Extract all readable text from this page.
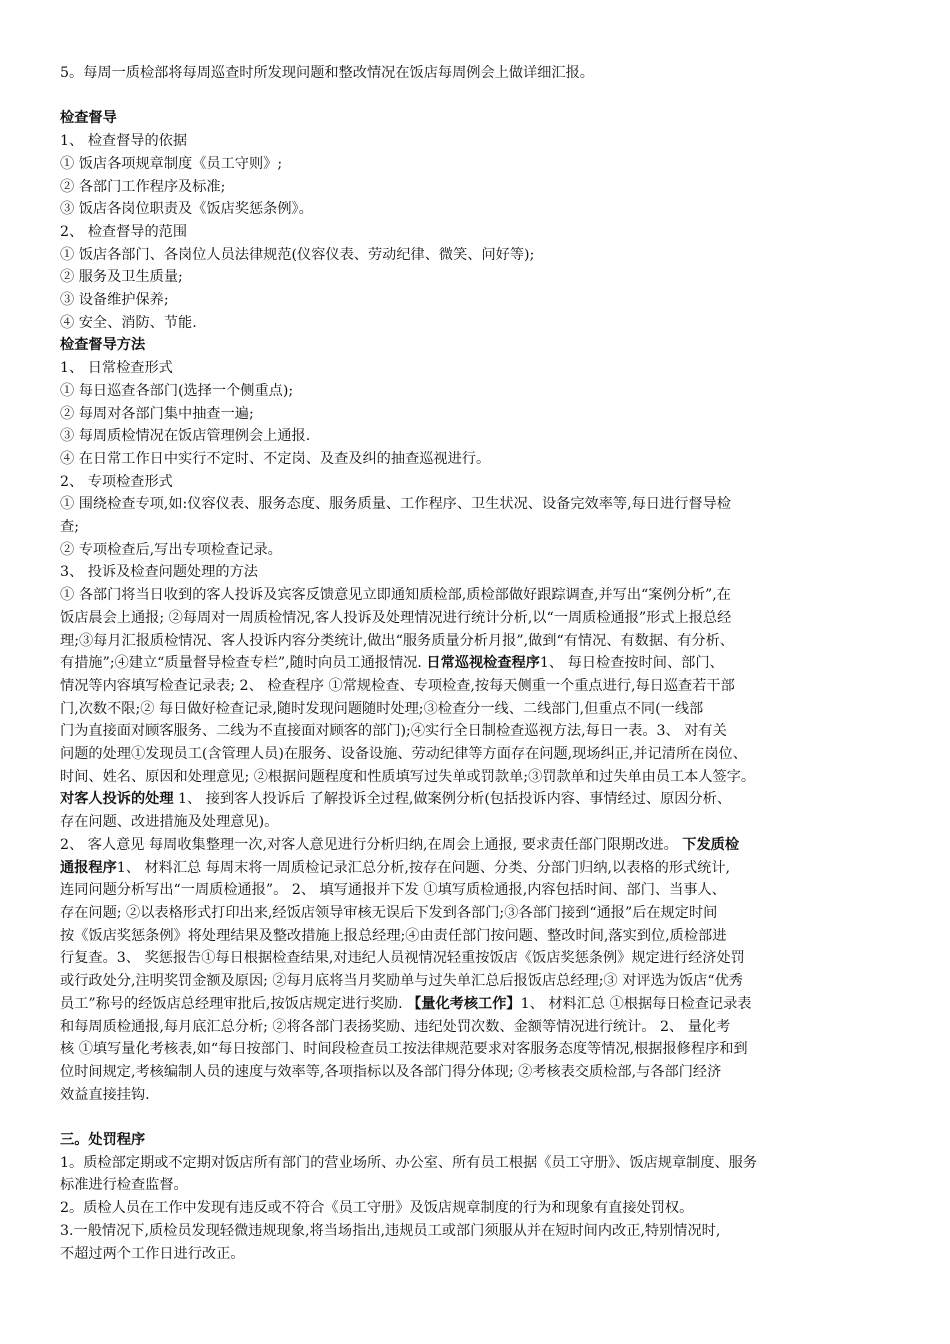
5。每周一质检部将每周巡查时所发现问题和整改情况在饭店每周例会上做详细汇报。
检查督导
1、 检查督导的依据
① 饭店各项规章制度《员工守则》;
② 各部门工作程序及标准;
③ 饭店各岗位职责及《饭店奖惩条例》。
2、 检查督导的范围
① 饭店各部门、各岗位人员法律规范(仪容仪表、劳动纪律、微笑、问好等);
② 服务及卫生质量;
③ 设备维护保养;
④ 安全、消防、节能.
检查督导方法
1、 日常检查形式
① 每日巡查各部门(选择一个侧重点);
② 每周对各部门集中抽查一遍;
③ 每周质检情况在饭店管理例会上通报.
④ 在日常工作日中实行不定时、不定岗、及查及纠的抽查巡视进行。
2、 专项检查形式
① 围绕检查专项,如:仪容仪表、服务态度、服务质量、工作程序、卫生状况、设备完效率等,每日进行督导检
查;
② 专项检查后,写出专项检查记录。
3、 投诉及检查问题处理的方法
① 各部门将当日收到的客人投诉及宾客反馈意见立即通知质检部,质检部做好跟踪调查,并写出“案例分析”,在
饭店晨会上通报; ②每周对一周质检情况,客人投诉及处理情况进行统计分析,以“一周质检通报”形式上报总经
理;③每月汇报质检情况、客人投诉内容分类统计,做出“服务质量分析月报”,做到“有情况、有数据、有分析、
有措施”;④建立“质量督导检查专栏”,随时向员工通报情况. 日常巡视检查程序1、 每日检查按时间、部门、
情况等内容填写检查记录表; 2、 检查程序 ①常规检查、专项检查,按每天侧重一个重点进行,每日巡查若干部
门,次数不限;② 每日做好检查记录,随时发现问题随时处理;③检查分一线、二线部门,但重点不同(一线部
门为直接面对顾客服务、二线为不直接面对顾客的部门);④实行全日制检查巡视方法,每日一表。3、 对有关
问题的处理①发现员工(含管理人员)在服务、设备设施、劳动纪律等方面存在问题,现场纠正,并记清所在岗位、
时间、姓名、原因和处理意见; ②根据问题程度和性质填写过失单或罚款单;③罚款单和过失单由员工本人签字。
对客人投诉的处理 1、 接到客人投诉后 了解投诉全过程,做案例分析(包括投诉内容、事情经过、原因分析、
存在问题、改进措施及处理意见)。
2、 客人意见 每周收集整理一次,对客人意见进行分析归纳,在周会上通报, 要求责任部门限期改进。 下发质检
通报程序1、 材料汇总 每周末将一周质检记录汇总分析,按存在问题、分类、分部门归纳,以表格的形式统计,
连同问题分析写出“一周质检通报”。 2、 填写通报并下发 ①填写质检通报,内容包括时间、部门、当事人、
存在问题; ②以表格形式打印出来,经饭店领导审核无误后下发到各部门;③各部门接到“通报”后在规定时间
按《饭店奖惩条例》将处理结果及整改措施上报总经理;④由责任部门按问题、整改时间,落实到位,质检部进
行复查。3、 奖惩报告①每日根据检查结果,对违纪人员视情况轻重按饭店《饭店奖惩条例》规定进行经济处罚
或行政处分,注明奖罚金额及原因; ②每月底将当月奖励单与过失单汇总后报饭店总经理;③ 对评选为饭店“优秀
员工”称号的经饭店总经理审批后,按饭店规定进行奖励. 【量化考核工作】1、 材料汇总 ①根据每日检查记录表
和每周质检通报,每月底汇总分析; ②将各部门表扬奖励、违纪处罚次数、金额等情况进行统计。 2、 量化考
核 ①填写量化考核表,如“每日按部门、时间段检查员工按法律规范要求对客服务态度等情况,根据报修程序和到
位时间规定,考核编制人员的速度与效率等,各项指标以及各部门得分体现; ②考核表交质检部,与各部门经济
效益直接挂钩.
三。处罚程序
1。质检部定期或不定期对饭店所有部门的营业场所、办公室、所有员工根据《员工守册》、饭店规章制度、服务
标准进行检查监督。
2。质检人员在工作中发现有违反或不符合《员工守册》及饭店规章制度的行为和现象有直接处罚权。
3.一般情况下,质检员发现轻微违规现象,将当场指出,违规员工或部门须服从并在短时间内改正,特别情况时,
不超过两个工作日进行改正。
